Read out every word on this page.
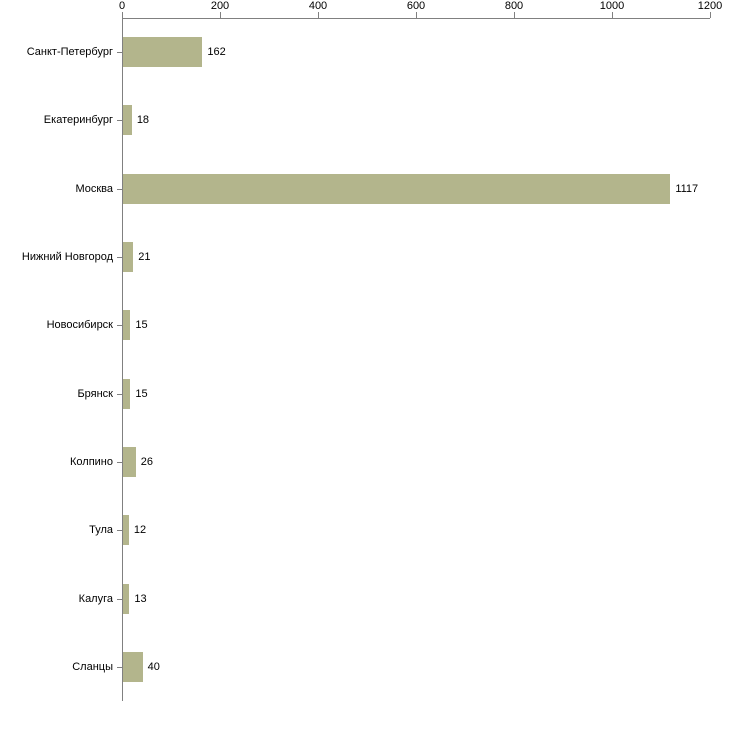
0	200	400	600	800	1000	1200
Санкт-Петербург
Екатеринбург
Москва
Нижний Новгород
Новосибирск
Брянск
Колпино
Тула
Калуга
Сланцы
162
18
1117
21
15
15
26
12
13
40
